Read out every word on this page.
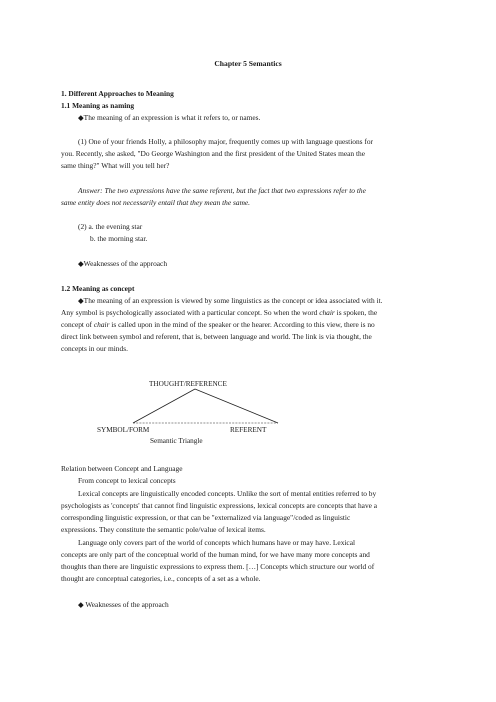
Chapter 5 Semantics

1. Different Approaches to Meaning

1.1 Meaning as naming

◆The meaning of an expression is what it refers to, or names.

(1) One of your friends Holly, a philosophy major, frequently comes up with language questions for

you. Recently, she asked, "Do George Washington and the first president of the United States mean the

same thing?" What will you tell her?

Answer: The two expressions have the same referent, but the fact that two expressions refer to the

same entity does not necessarily entail that they mean the same.

(2) a. the evening star

b. the morning star.

◆Weaknesses of the approach

1.2 Meaning as concept

◆The meaning of an expression is viewed by some linguistics as the concept or idea associated with it.

Any symbol is psychologically associated with a particular concept. So when the word chair is spoken, the

concept of chair is called upon in the mind of the speaker or the hearer. According to this view, there is no

direct link between symbol and referent, that is, between language and world. The link is via thought, the

concepts in our minds.

THOUGHT/REFERENCE

SYMBOL/FORM	REFERENT

Semantic Triangle

Relation between Concept and Language

From concept to lexical concepts

Lexical concepts are linguistically encoded concepts. Unlike the sort of mental entities referred to by

psychologists as 'concepts' that cannot find linguistic expressions, lexical concepts are concepts that have a

corresponding linguistic expression, or that can be "externalized via language"/coded as linguistic

expressions. They constitute the semantic pole/value of lexical items.

Language only covers part of the world of concepts which humans have or may have. Lexical

concepts are only part of the conceptual world of the human mind, for we have many more concepts and

thoughts than there are linguistic expressions to express them. […] Concepts which structure our world of

thought are conceptual categories, i.e., concepts of a set as a whole.

◆ Weaknesses of the approach
